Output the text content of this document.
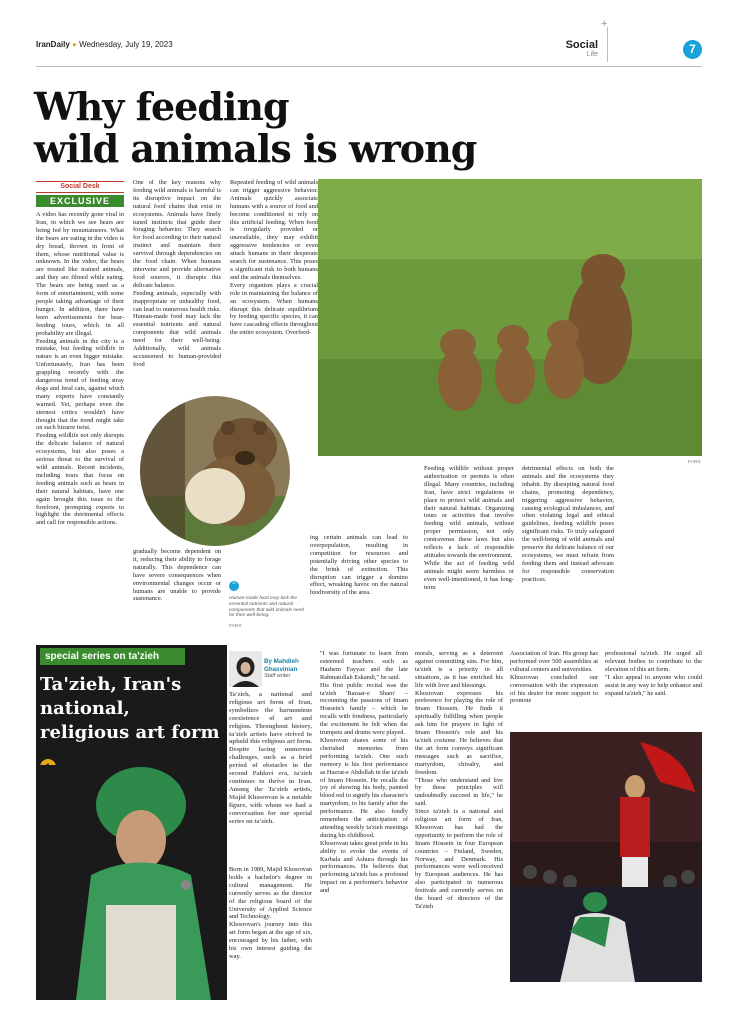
IranDaily ● Wednesday, July 19, 2023
+
Social
Life	7
Why feeding
wild animals is wrong
Social Desk
EXCLUSIVE
A video has recently gone viral in Iran, in which we see bears are being fed by mountaineers. What the bears are eating in the video is dry bread, thrown in front of them, whose nutritional value is unknown. In the video, the bears are treated like trained animals, and they are filmed while eating. The bears are being used as a form of entertainment, with some people taking advantage of their hunger. In addition, there have been advertisements for bear-feeding tours, which in all probability are illegal.
Feeding animals in the city is a mistake, but feeding wildlife in nature is an even bigger mistake. Unfortunately, Iran has been grappling recently with the dangerous trend of feeding stray dogs and feral cats, against which many experts have constantly warned. Yet, perhaps even the sternest critics wouldn't have thought that the trend might take on such bizarre twist.
Feeding wildlife not only disrupts the delicate balance of natural ecosystems, but also poses a serious threat to the survival of wild animals. Recent incidents, including tours that focus on feeding animals such as bears in their natural habitats, have one again brought this issue to the forefront, prompting experts to highlight the detrimental effects and call for responsible actions.
One of the key reasons why feeding wild animals is harmful is its disruptive impact on the natural food chains that exist in ecosystems. Animals have finely tuned instincts that guide their foraging behavior. They search for food according to their natural instinct and maintain their survival through dependencies on the food chain. When humans intervene and provide alternative food sources, it disrupts this delicate balance.
Feeding animals, especially with inappropriate or unhealthy food, can lead to numerous health risks. Human-made food may lack the essential nutrients and natural components that wild animals need for their well-being. Additionally, wild animals accustomed to human-provided food
Repeated feeding of wild animals can trigger aggressive behavior. Animals quickly associate humans with a source of food and become conditioned to rely on this artificial feeding. When food is irregularly provided or unavailable, they may exhibit aggressive tendencies or even attack humans in their desperate search for sustenance. This poses a significant risk to both humans and the animals themselves.
Every organism plays a crucial role in maintaining the balance of an ecosystem. When humans disrupt this delicate equilibrium by feeding specific species, it can have cascading effects throughout the entire ecosystem. Overfeed-
gradually become dependent on it, reducing their ability to forage naturally. This dependence can have severe consequences when environmental changes occur or humans are unable to provide sustenance.
ing certain animals can lead to overpopulation, resulting in competition for resources and potentially driving other species to the brink of extinction. This disruption can trigger a domino effect, wreaking havoc on the natural biodiversity of the area.
^
Human-made food may lack the essential nutrients and natural components that wild animals need for their well-being.
FARS
FARS
Feeding wildlife without proper authorization or permits is often illegal. Many countries, including Iran, have strict regulations in place to protect wild animals and their natural habitats. Organizing tours or activities that involve feeding wild animals, without proper permission, not only contravenes these laws but also reflects a lack of responsible attitudes towards the environment.
While the act of feeding wild animals might seem harmless or even well-intentioned, it has long-term
detrimental effects on both the animals and the ecosystems they inhabit. By disrupting natural food chains, promoting dependency, triggering aggressive behavior, causing ecological imbalances, and often violating legal and ethical guidelines, feeding wildlife poses significant risks. To truly safeguard the well-being of wild animals and preserve the delicate balance of our ecosystems, we must refrain from feeding them and instead advocate for responsible conservation practices.
special series on ta'zieh
Ta'zieh, Iran's national, religious art form
By Mahdieh Ghasvinian
Staff writer
Ta'zieh, a national and religious art form of Iran, symbolizes the harmonious coexistence of art and religion. Throughout history, ta'zieh artists have strived to uphold this religious art form. Despite facing numerous challenges, such as a brief period of obstacles in the second Pahlavi era, ta'zieh continues to thrive in Iran. Among the Ta'zieh artists, Majid Khosrovan is a notable figure, with whom we had a conversation for our special series on ta'zieh.
Born in 1989, Majid Khosrovan holds a bachelor's degree in cultural management. He currently serves as the director of the religious board of the University of Applied Science and Technology.
Khosrovan's journey into this art form began at the age of six, encouraged by his father, with his own interest guiding the way.
"I was fortunate to learn from esteemed teachers such as Hashem Fayyaz and the late Rahmatollah Eskandi," he said.
His first public recital was the ta'zieh 'Bazaar-e Sham' – recounting the passions of Imam Hossein's family – which he recalls with fondness, particularly the excitement he felt when the trumpets and drums were played.
Khosrovan shares some of his cherished memories from performing ta'zieh. One such memory is his first performance as Hazrat-e Abdollah in the ta'zieh of Imam Hossein. He recalls the joy of showing his body, painted blood red to signify his character's martyrdom, to his family after the performance. He also fondly remembers the anticipation of attending weekly ta'zieh meetings during his childhood.
Khosrovan takes great pride in his ability to evoke the events of Karbala and Ashura through his performances. He believes that performing ta'zieh has a profound impact on a performer's behavior and
morals, serving as a deterrent against committing sins. For him, ta'zieh is a priority in all situations, as it has enriched his life with love and blessings.
Khosrovan expresses his preference for playing the role of Imam Hossein. He finds it spiritually fulfilling when people ask him for prayers in light of Imam Hossein's role and his ta'zieh costume. He believes that the art form conveys significant messages such as sacrifice, martyrdom, chivalry, and freedom.
"Those who understand and live by these principles will undoubtedly succeed in life," he said.
Since ta'zieh is a national and religious art form of Iran, Khosrovan has had the opportunity to perform the role of Imam Hossein in four European countries – Finland, Sweden, Norway, and Denmark. His performances were well-received by European audiences. He has also participated in numerous festivals and currently serves on the board of directors of the Ta'zieh
Association of Iran. His group has performed over 500 assemblies at cultural centers and universities.
Khosrovan concluded our conversation with the expression of his desire for more support to promote
professional ta'zieh. He urged all relevant bodies to contribute to the elevation of this art form.
"I also appeal to anyone who could assist in any way to help enhance and expand ta'zieh," he said.
